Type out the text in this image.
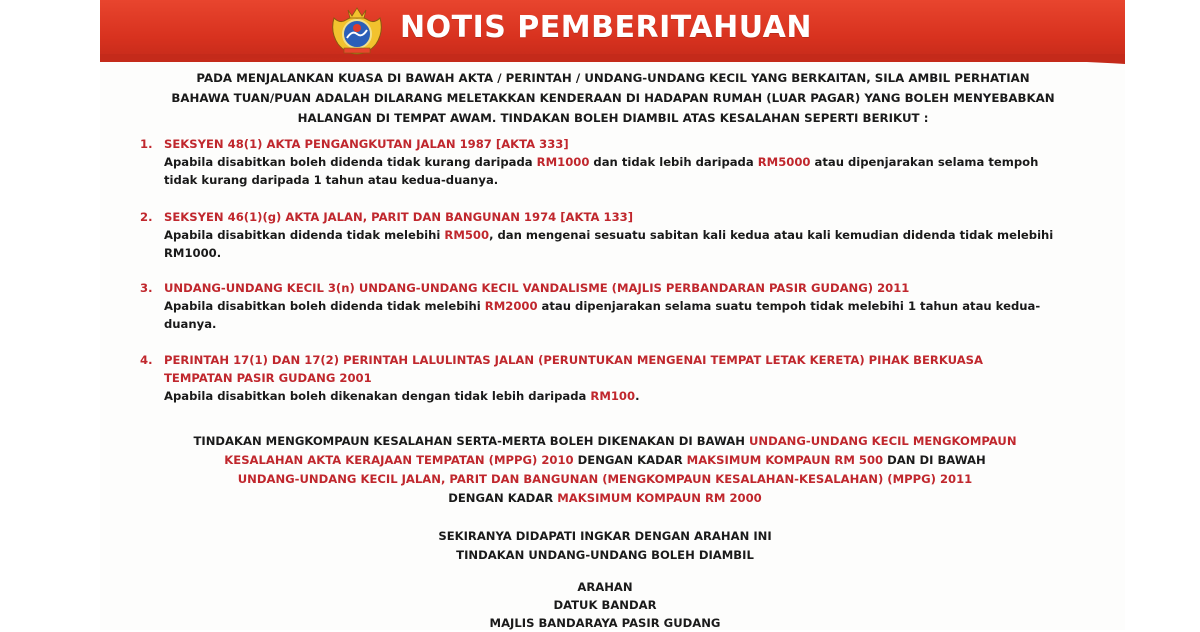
NOTIS PEMBERITAHUAN
PADA MENJALANKAN KUASA DI BAWAH AKTA / PERINTAH / UNDANG-UNDANG KECIL YANG BERKAITAN, SILA AMBIL PERHATIAN
BAHAWA TUAN/PUAN ADALAH DILARANG MELETAKKAN KENDERAAN DI HADAPAN RUMAH (LUAR PAGAR) YANG BOLEH MENYEBABKAN
HALANGAN DI TEMPAT AWAM. TINDAKAN BOLEH DIAMBIL ATAS KESALAHAN SEPERTI BERIKUT :
1. SEKSYEN 48(1) AKTA PENGANGKUTAN JALAN 1987 [AKTA 333]
Apabila disabitkan boleh didenda tidak kurang daripada RM1000 dan tidak lebih daripada RM5000 atau dipenjarakan selama tempoh
tidak kurang daripada 1 tahun atau kedua-duanya.
2. SEKSYEN 46(1)(g) AKTA JALAN, PARIT DAN BANGUNAN 1974 [AKTA 133]
Apabila disabitkan didenda tidak melebihi RM500, dan mengenai sesuatu sabitan kali kedua atau kali kemudian didenda tidak melebihi
RM1000.
3. UNDANG-UNDANG KECIL 3(n) UNDANG-UNDANG KECIL VANDALISME (MAJLIS PERBANDARAN PASIR GUDANG) 2011
Apabila disabitkan boleh didenda tidak melebihi RM2000 atau dipenjarakan selama suatu tempoh tidak melebihi 1 tahun atau kedua-
duanya.
4. PERINTAH 17(1) DAN 17(2) PERINTAH LALULINTAS JALAN (PERUNTUKAN MENGENAI TEMPAT LETAK KERETA) PIHAK BERKUASA
TEMPATAN PASIR GUDANG 2001
Apabila disabitkan boleh dikenakan dengan tidak lebih daripada RM100.
TINDAKAN MENGKOMPAUN KESALAHAN SERTA-MERTA BOLEH DIKENAKAN DI BAWAH UNDANG-UNDANG KECIL MENGKOMPAUN
KESALAHAN AKTA KERAJAAN TEMPATAN (MPPG) 2010 DENGAN KADAR MAKSIMUM KOMPAUN RM 500 DAN DI BAWAH
UNDANG-UNDANG KECIL JALAN, PARIT DAN BANGUNAN (MENGKOMPAUN KESALAHAN-KESALAHAN) (MPPG) 2011
DENGAN KADAR MAKSIMUM KOMPAUN RM 2000
SEKIRANYA DIDAPATI INGKAR DENGAN ARAHAN INI
TINDAKAN UNDANG-UNDANG BOLEH DIAMBIL
ARAHAN
DATUK BANDAR
MAJLIS BANDARAYA PASIR GUDANG
